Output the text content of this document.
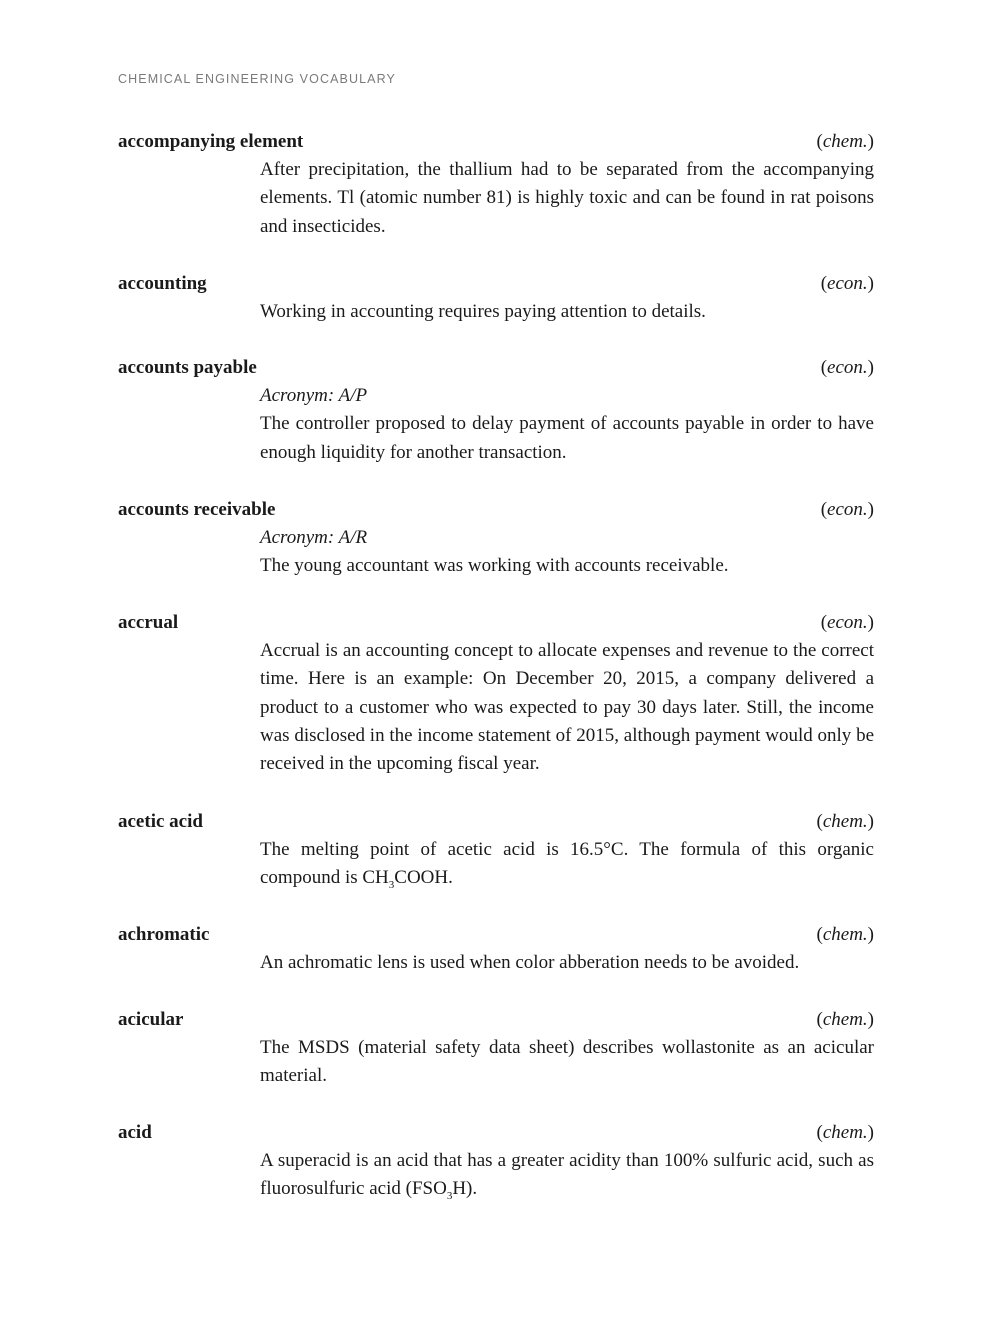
CHEMICAL ENGINEERING VOCABULARY
accompanying element	(chem.)

After precipitation, the thallium had to be separated from the accompanying elements. Tl (atomic number 81) is highly toxic and can be found in rat poisons and insecticides.

accounting	(econ.)

Working in accounting requires paying attention to details.

accounts payable	(econ.)
Acronym: A/P

The controller proposed to delay payment of accounts payable in order to have enough liquidity for another transaction.

accounts receivable	(econ.)
Acronym: A/R

The young accountant was working with accounts receivable.

accrual	(econ.)

Accrual is an accounting concept to allocate expenses and revenue to the correct time. Here is an example: On December 20, 2015, a company delivered a product to a customer who was expected to pay 30 days later. Still, the income was disclosed in the income statement of 2015, although payment would only be received in the upcoming fiscal year.

acetic acid	(chem.)

The melting point of acetic acid is 16.5°C. The formula of this organic compound is $CH_3COOH$.

achromatic	(chem.)

An achromatic lens is used when color abberation needs to be avoided.

acicular	(chem.)

The MSDS (material safety data sheet) describes wollastonite as an acicular material.

acid	(chem.)

A superacid is an acid that has a greater acidity than 100% sulfuric acid, such as fluorosulfuric acid $(FSO_3H)$.
